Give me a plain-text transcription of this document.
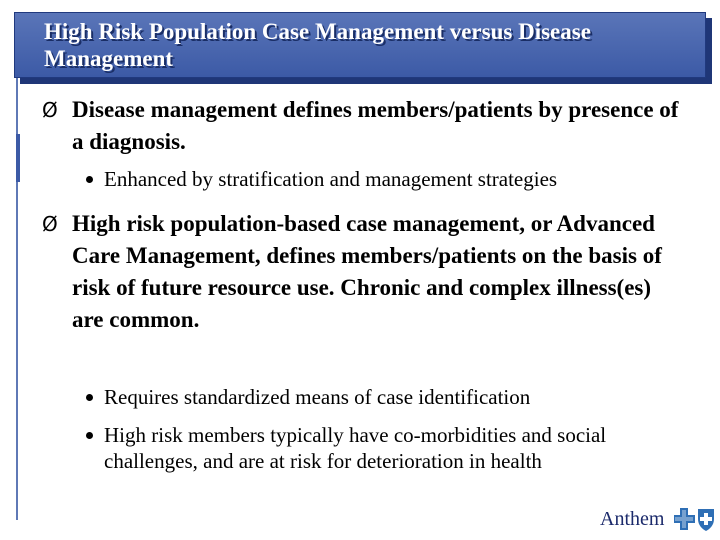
High Risk Population Case Management versus Disease Management
Ø Disease management defines members/patients by presence of a diagnosis.
Enhanced by stratification and management strategies
Ø High risk population-based case management, or Advanced Care Management, defines members/patients on the basis of risk of future resource use. Chronic and complex illness(es) are common.
Requires standardized means of case identification
High risk members typically have co-morbidities and social challenges, and are at risk for deterioration in health
Anthem
